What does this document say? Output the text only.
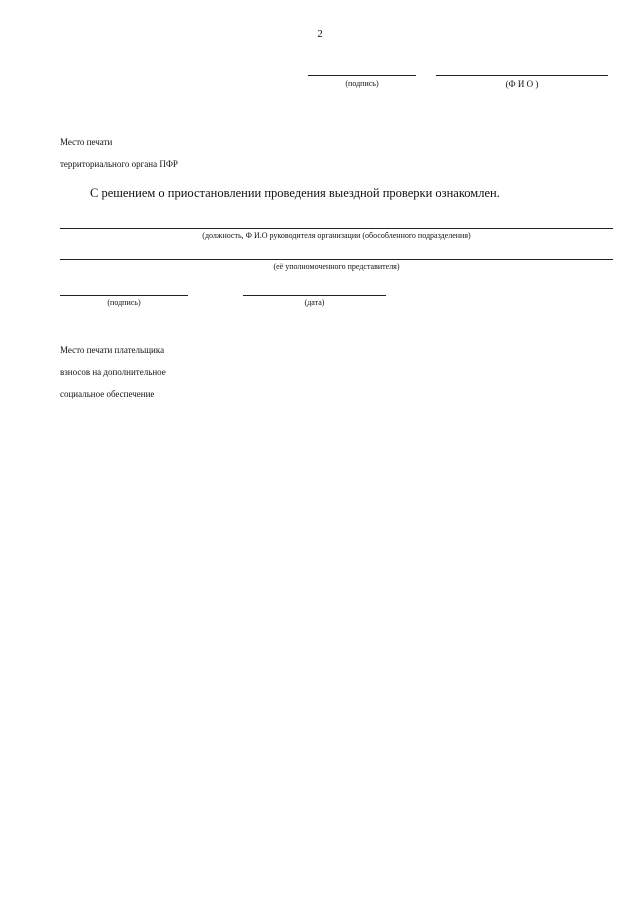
2
(подпись)	(Ф И О )

Место печати

территориального органа ПФР

С решением о приостановлении проведения выездной проверки ознакомлен.
(должность, Ф И.О руководителя организации (обособленного подразделения)
(её уполномоченного представителя)
(подпись)	(дата)

Место печати плательщика

взносов на дополнительное

социальное обеспечение
